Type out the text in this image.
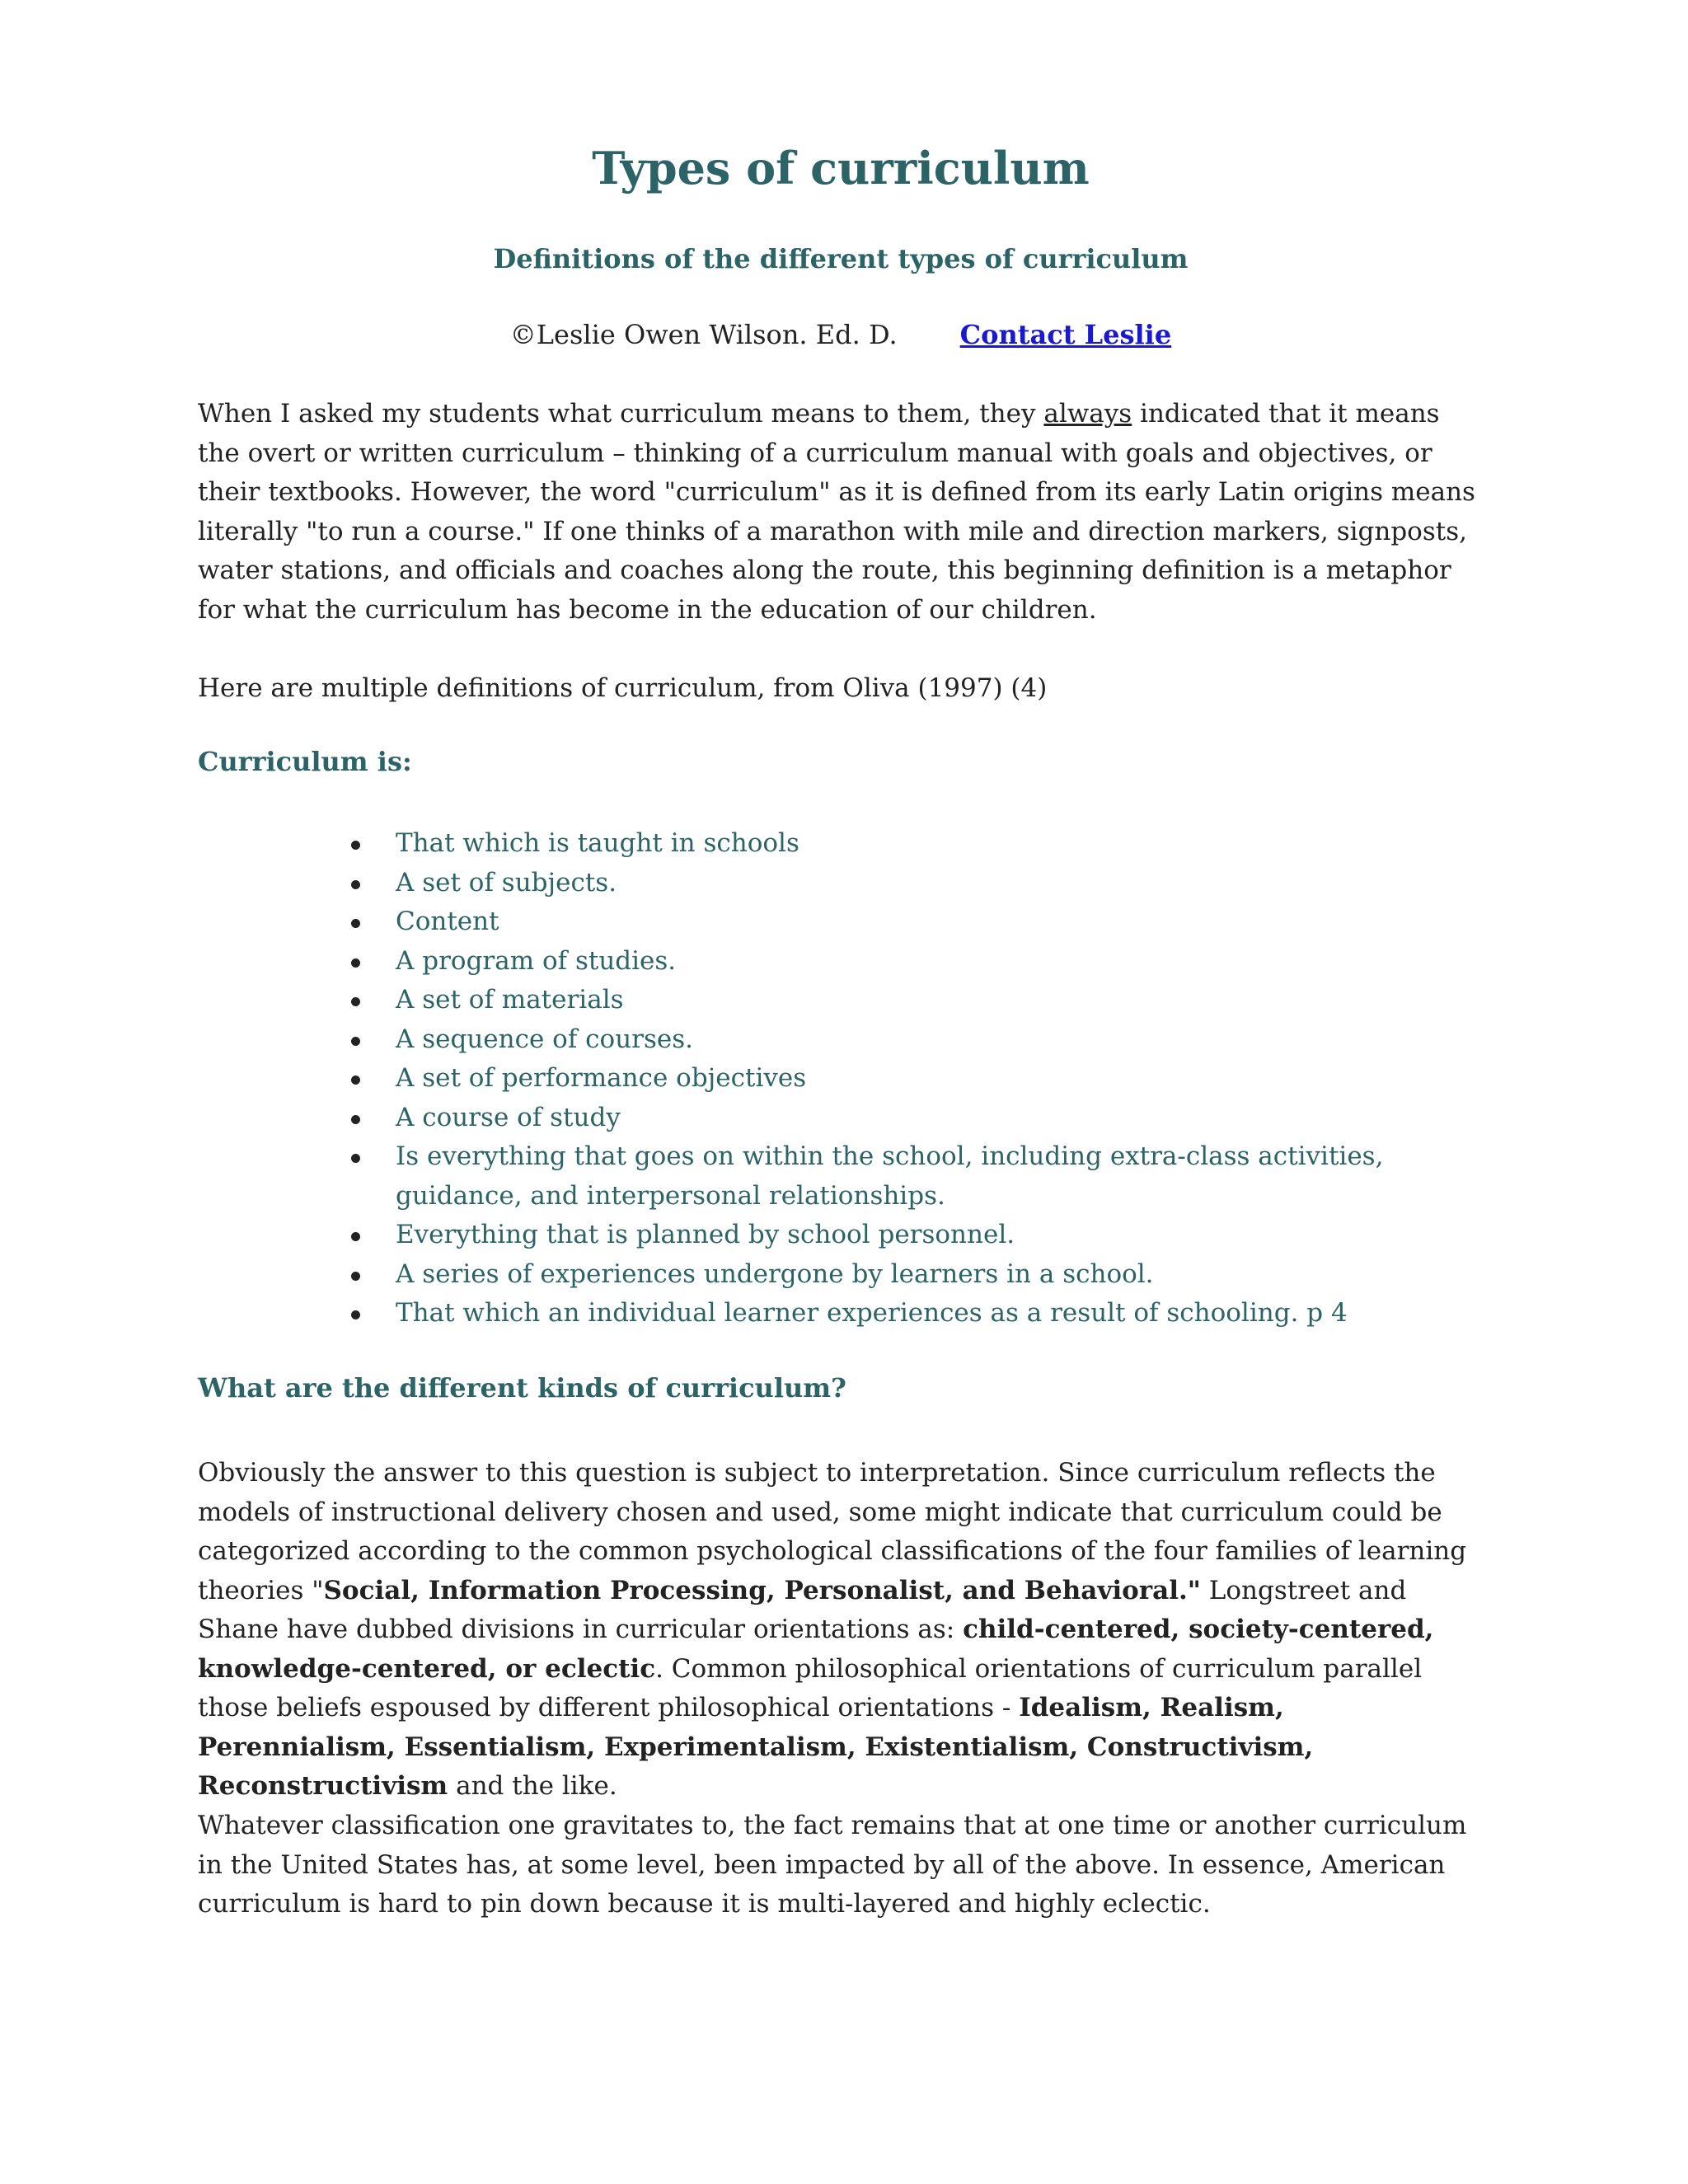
Types of curriculum
Definitions of the different types of curriculum
©Leslie Owen Wilson. Ed. D. Contact Leslie

When I asked my students what curriculum means to them, they always indicated that it means the overt or written curriculum – thinking of a curriculum manual with goals and objectives, or their textbooks. However, the word "curriculum" as it is defined from its early Latin origins means literally "to run a course." If one thinks of a marathon with mile and direction markers, signposts, water stations, and officials and coaches along the route, this beginning definition is a metaphor for what the curriculum has become in the education of our children.

Here are multiple definitions of curriculum, from Oliva (1997) (4)

Curriculum is:
That which is taught in schools
A set of subjects.
Content
A program of studies.
A set of materials
A sequence of courses.
A set of performance objectives
A course of study
Is everything that goes on within the school, including extra-class activities, guidance, and interpersonal relationships.
Everything that is planned by school personnel.
A series of experiences undergone by learners in a school.
That which an individual learner experiences as a result of schooling. p 4
What are the different kinds of curriculum?

Obviously the answer to this question is subject to interpretation. Since curriculum reflects the models of instructional delivery chosen and used, some might indicate that curriculum could be categorized according to the common psychological classifications of the four families of learning theories "Social, Information Processing, Personalist, and Behavioral." Longstreet and Shane have dubbed divisions in curricular orientations as: child-centered, society-centered, knowledge-centered, or eclectic. Common philosophical orientations of curriculum parallel those beliefs espoused by different philosophical orientations - Idealism, Realism, Perennialism, Essentialism, Experimentalism, Existentialism, Constructivism, Reconstructivism and the like.

Whatever classification one gravitates to, the fact remains that at one time or another curriculum in the United States has, at some level, been impacted by all of the above. In essence, American curriculum is hard to pin down because it is multi-layered and highly eclectic.
